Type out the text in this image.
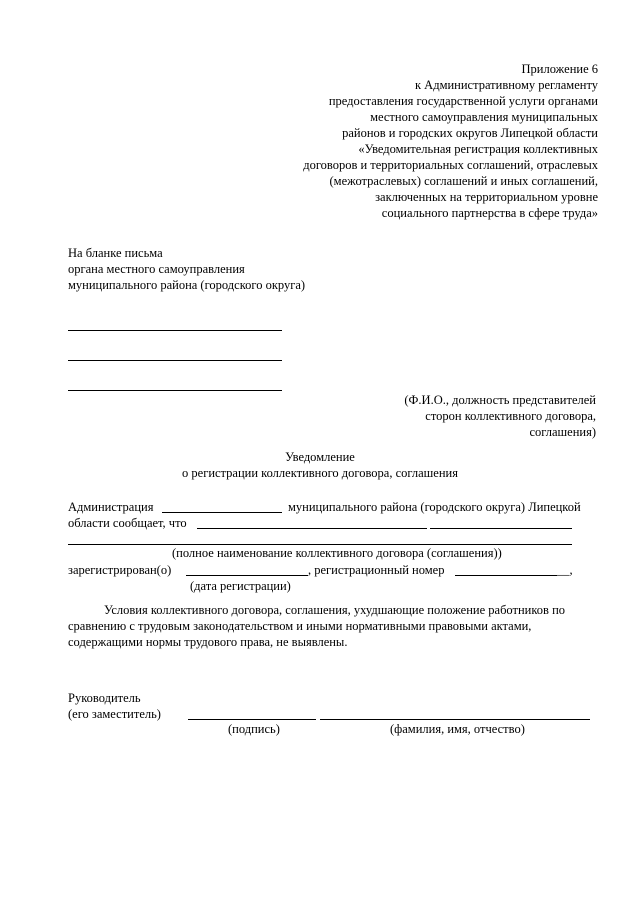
Приложение 6
к Административному регламенту
предоставления государственной услуги органами
местного самоуправления муниципальных
районов и городских округов Липецкой области
«Уведомительная регистрация коллективных
договоров и территориальных соглашений, отраслевых
(межотраслевых) соглашений и иных соглашений,
заключенных на территориальном уровне
социального партнерства в сфере труда»
На бланке письма
органа местного самоуправления
муниципального района (городского округа)
(Ф.И.О., должность представителей
сторон коллективного договора,
соглашения)
Уведомление
о регистрации коллективного договора, соглашения
Администрация	муниципального района (городского округа) Липецкой
области сообщает, что
(полное наименование коллективного договора (соглашения))
зарегистрирован(о)	, регистрационный номер	__,
(дата регистрации)
Условия коллективного договора, соглашения, ухудшающие положение работников по
сравнению с трудовым законодательством и иными нормативными правовыми актами,
содержащими нормы трудового права, не выявлены.
Руководитель
(его заместитель)
(подпись)	(фамилия, имя, отчество)
